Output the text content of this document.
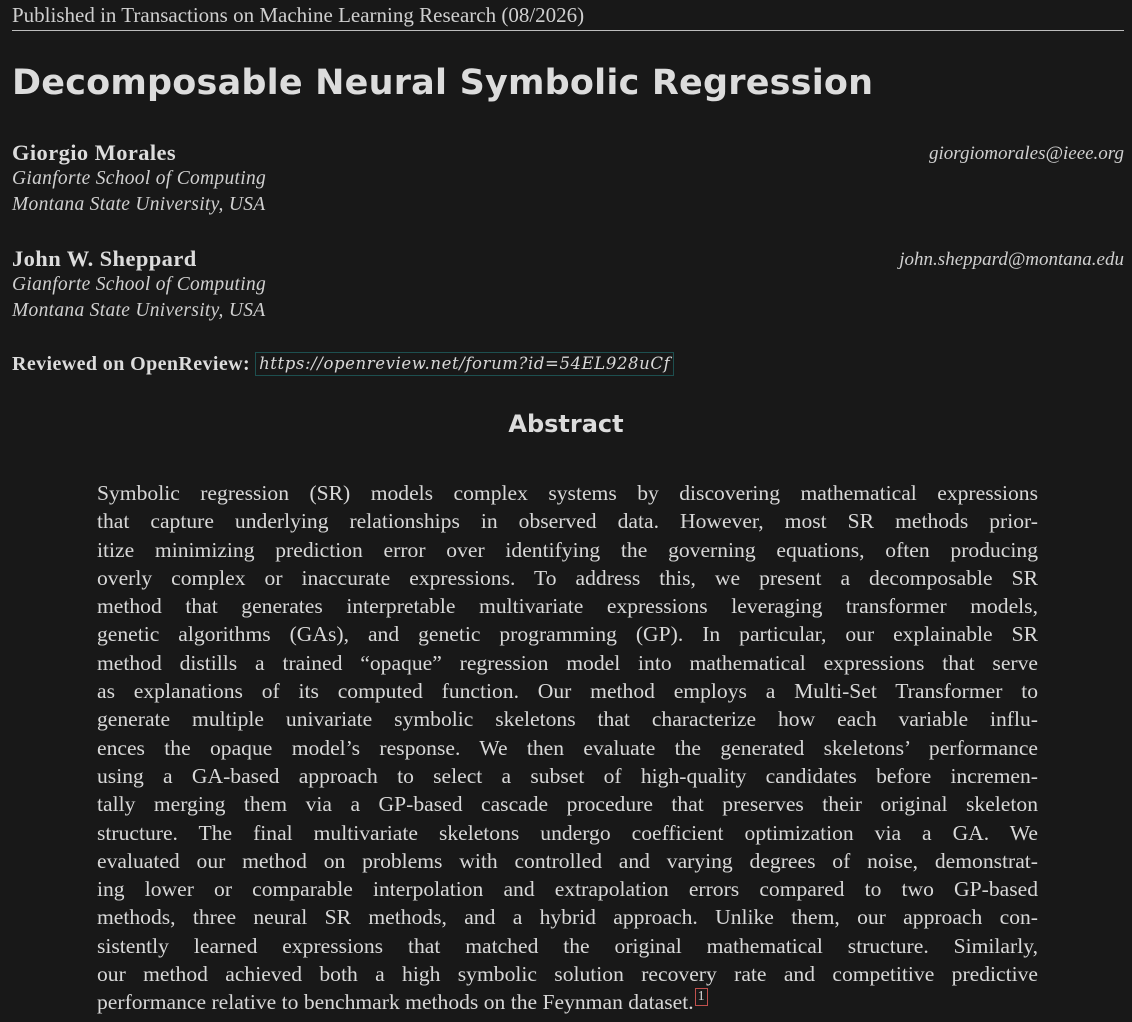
Published in Transactions on Machine Learning Research (08/2026)
Decomposable Neural Symbolic Regression
Giorgio Morales	giorgiomorales@ieee.org
Gianforte School of Computing
Montana State University, USA
John W. Sheppard	john.sheppard@montana.edu
Gianforte School of Computing
Montana State University, USA
Reviewed on OpenReview: https://openreview.net/forum?id=54EL928uCf
Abstract
Symbolic regression (SR) models complex systems by discovering mathematical expressions
that capture underlying relationships in observed data. However, most SR methods prior-
itize minimizing prediction error over identifying the governing equations, often producing
overly complex or inaccurate expressions. To address this, we present a decomposable SR
method that generates interpretable multivariate expressions leveraging transformer models,
genetic algorithms (GAs), and genetic programming (GP). In particular, our explainable SR
method distills a trained “opaque” regression model into mathematical expressions that serve
as explanations of its computed function. Our method employs a Multi-Set Transformer to
generate multiple univariate symbolic skeletons that characterize how each variable influ-
ences the opaque model’s response. We then evaluate the generated skeletons’ performance
using a GA-based approach to select a subset of high-quality candidates before incremen-
tally merging them via a GP-based cascade procedure that preserves their original skeleton
structure. The final multivariate skeletons undergo coefficient optimization via a GA. We
evaluated our method on problems with controlled and varying degrees of noise, demonstrat-
ing lower or comparable interpolation and extrapolation errors compared to two GP-based
methods, three neural SR methods, and a hybrid approach. Unlike them, our approach con-
sistently learned expressions that matched the original mathematical structure. Similarly,
our method achieved both a high symbolic solution recovery rate and competitive predictive
performance relative to benchmark methods on the Feynman dataset. 1
